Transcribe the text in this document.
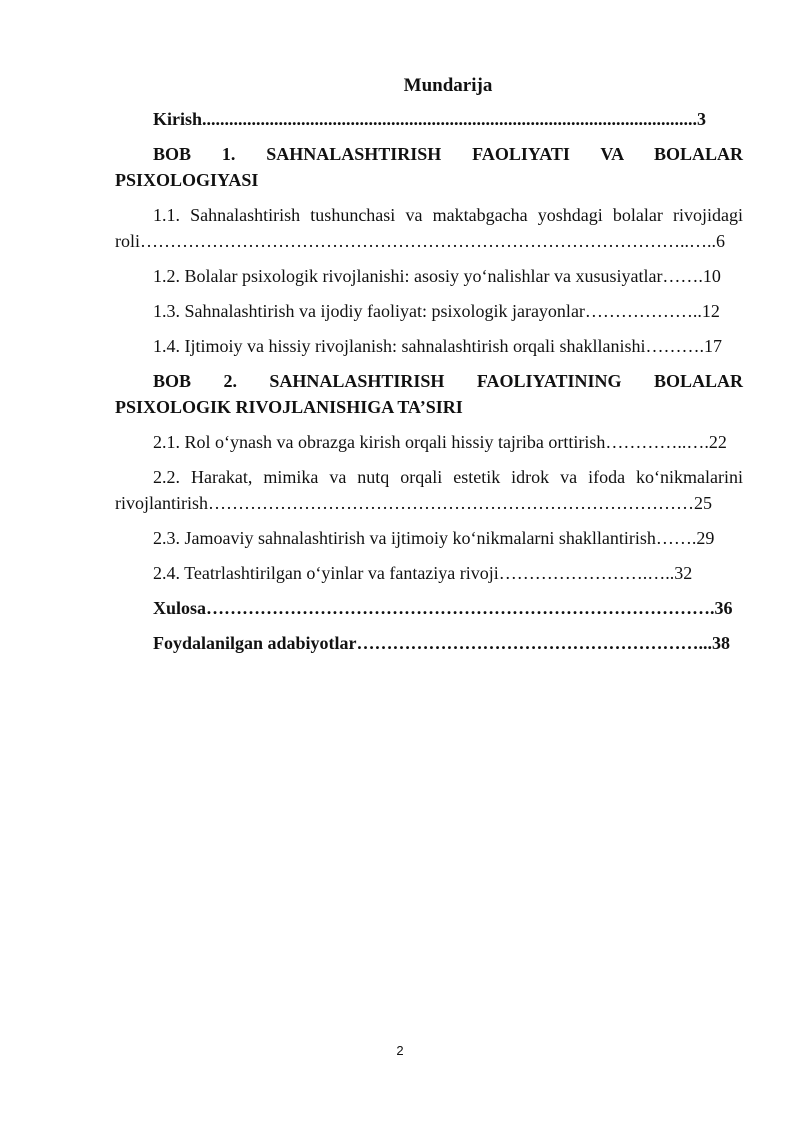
Mundarija
Kirish..............................................................................................................3
BOB 1. SAHNALASHTIRISH FAOLIYATI VA BOLALAR
PSIXOLOGIYASI
1.1. Sahnalashtirish tushunchasi va maktabgacha yoshdagi bolalar rivojidagi
roli………………………………………………………………………………..…..6
1.2. Bolalar psixologik rivojlanishi: asosiy yo‘nalishlar va xususiyatlar…….10
1.3. Sahnalashtirish va ijodiy faoliyat: psixologik jarayonlar………………..12
1.4. Ijtimoiy va hissiy rivojlanish: sahnalashtirish orqali shakllanishi……….17
BOB 2. SAHNALASHTIRISH FAOLIYATINING BOLALAR
PSIXOLOGIK RIVOJLANISHIGA TA’SIRI
2.1. Rol o‘ynash va obrazga kirish orqali hissiy tajriba orttirish…………..….22
2.2. Harakat, mimika va nutq orqali estetik idrok va ifoda ko‘nikmalarini
rivojlantirish………………………………………………………………………25
2.3. Jamoaviy sahnalashtirish va ijtimoiy ko‘nikmalarni shakllantirish…….29
2.4. Teatrlashtirilgan o‘yinlar va fantaziya rivoji…………………….…..32
Xulosa………………………………………………………………………….36
Foydalanilgan adabiyotlar…………………………………………………...38
2
